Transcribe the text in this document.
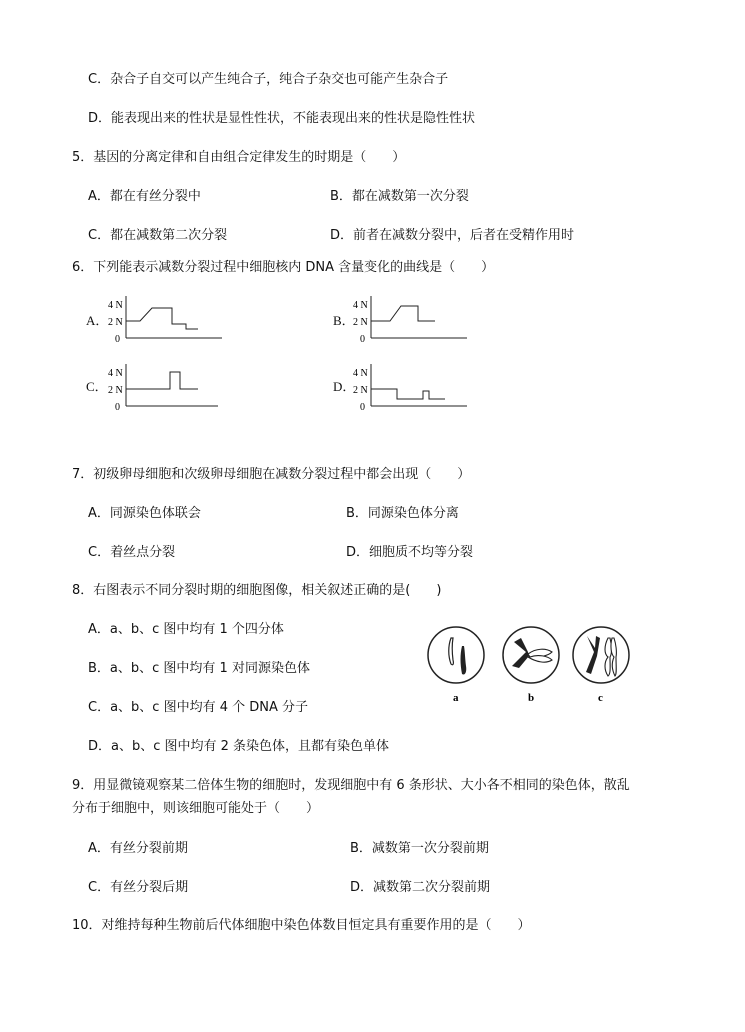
C．杂合子自交可以产生纯合子，纯合子杂交也可能产生杂合子
D．能表现出来的性状是显性性状，不能表现出来的性状是隐性性状
5．基因的分离定律和自由组合定律发生的时期是（　　）
A．都在有丝分裂中	B．都在减数第一次分裂
C．都在减数第二次分裂	D．前者在减数分裂中，后者在受精作用时
6．下列能表示减数分裂过程中细胞核内 DNA 含量变化的曲线是（　　）
A．
4 N
2 N
0
B．
4 N
2 N
0
C．
4 N
2 N
0
D．
4 N
2 N
0
7．初级卵母细胞和次级卵母细胞在减数分裂过程中都会出现（　　）
A．同源染色体联会	B．同源染色体分离
C．着丝点分裂	D．细胞质不均等分裂
8．右图表示不同分裂时期的细胞图像，相关叙述正确的是(　　)
A．a、b、c 图中均有 1 个四分体
B．a、b、c 图中均有 1 对同源染色体
C．a、b、c 图中均有 4 个 DNA 分子
D．a、b、c 图中均有 2 条染色体，且都有染色单体
a	b	c
9．用显微镜观察某二倍体生物的细胞时，发现细胞中有 6 条形状、大小各不相同的染色体，散乱
分布于细胞中，则该细胞可能处于（　　）
A．有丝分裂前期	B．减数第一次分裂前期
C．有丝分裂后期	D．减数第二次分裂前期
10．对维持每种生物前后代体细胞中染色体数目恒定具有重要作用的是（　　）
